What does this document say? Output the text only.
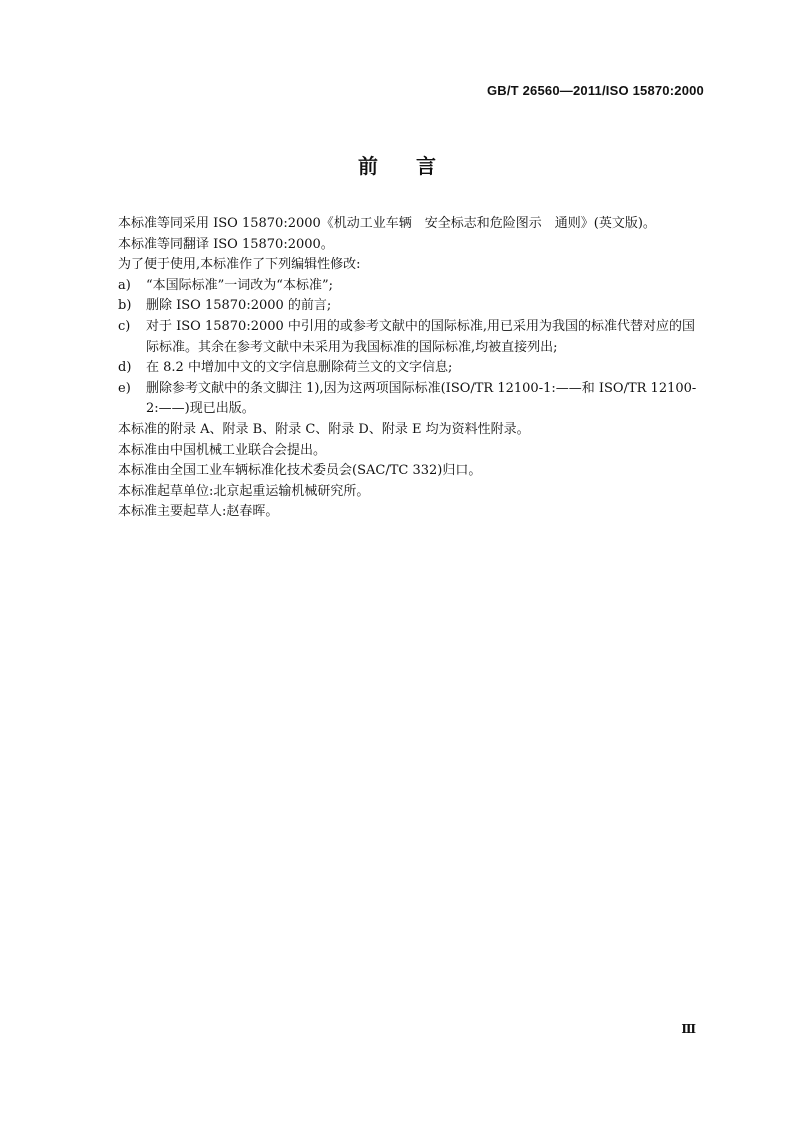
GB/T 26560—2011/ISO 15870:2000
前言
本标准等同采用 ISO 15870:2000《机动工业车辆　安全标志和危险图示　通则》(英文版)。
本标准等同翻译 ISO 15870:2000。
为了便于使用,本标准作了下列编辑性修改:
a) “本国际标准”一词改为“本标准”;
b) 删除 ISO 15870:2000 的前言;
c) 对于 ISO 15870:2000 中引用的或参考文献中的国际标准,用已采用为我国的标准代替对应的国际标准。其余在参考文献中未采用为我国标准的国际标准,均被直接列出;
d) 在 8.2 中增加中文的文字信息删除荷兰文的文字信息;
e) 删除参考文献中的条文脚注 1),因为这两项国际标准(ISO/TR 12100-1:——和 ISO/TR 12100-2:——)现已出版。
本标准的附录 A、附录 B、附录 C、附录 D、附录 E 均为资料性附录。
本标准由中国机械工业联合会提出。
本标准由全国工业车辆标准化技术委员会(SAC/TC 332)归口。
本标准起草单位:北京起重运输机械研究所。
本标准主要起草人:赵春晖。
Ⅲ
